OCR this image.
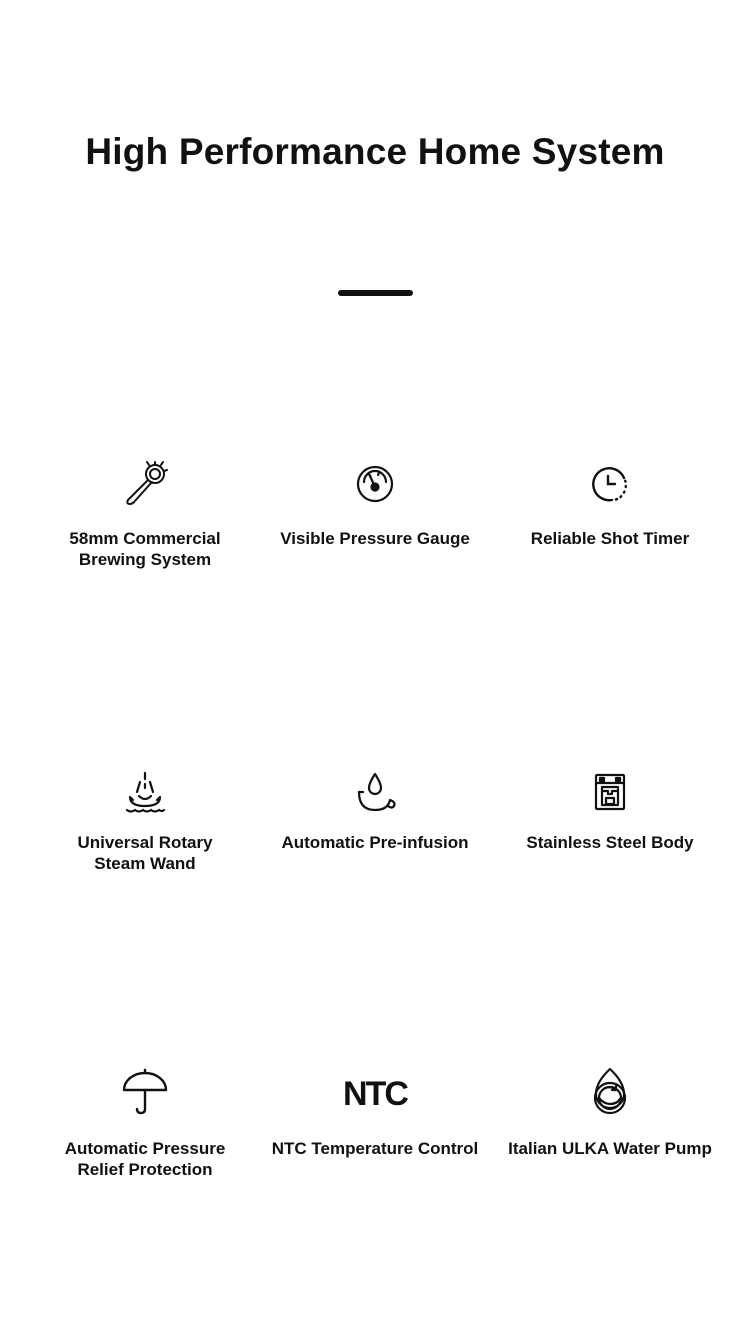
High Performance Home System
58mm Commercial
Brewing System
Visible Pressure Gauge	Reliable Shot Timer
Universal Rotary
Steam Wand
Automatic Pre-infusion	Stainless Steel Body
Automatic Pressure
Relief Protection
NTC
NTC Temperature Control	Italian ULKA Water Pump
